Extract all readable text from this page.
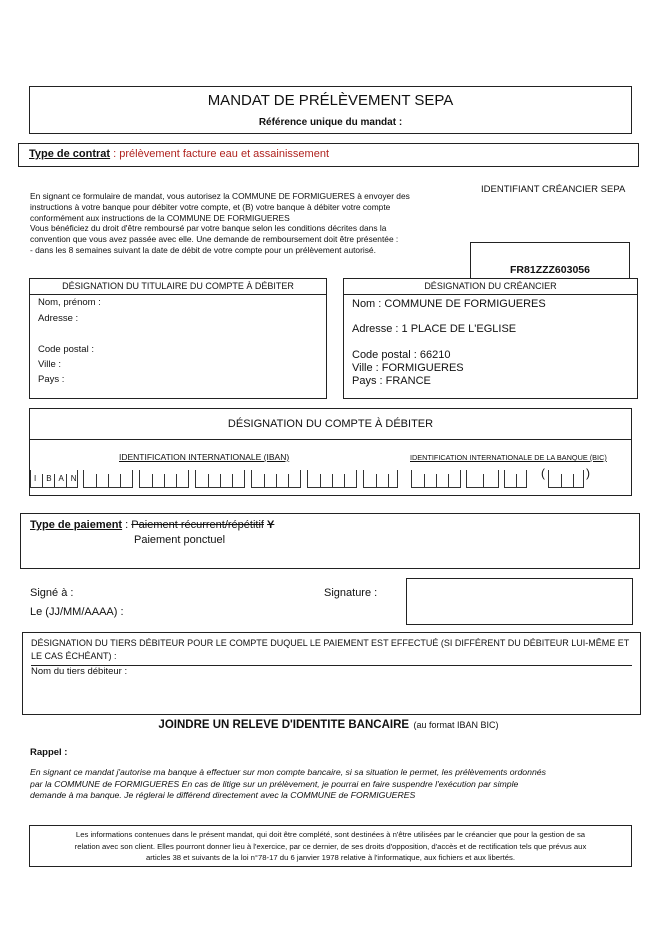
MANDAT DE PRÉLÈVEMENT SEPA
Référence unique du mandat :
Type de contrat : prélèvement facture eau et assainissement
En signant ce formulaire de mandat, vous autorisez la COMMUNE DE FORMIGUERES à envoyer des
instructions à votre banque pour débiter votre compte, et (B) votre banque à débiter votre compte
conformément aux instructions de la COMMUNE DE FORMIGUERES
Vous bénéficiez du droit d'être remboursé par votre banque selon les conditions décrites dans la
convention que vous avez passée avec elle. Une demande de remboursement doit être présentée :
- dans les 8 semaines suivant la date de débit de votre compte pour un prélèvement autorisé.
IDENTIFIANT CRÉANCIER SEPA
FR81ZZZ603056
DÉSIGNATION DU TITULAIRE DU COMPTE À DÉBITER
Nom, prénom :
Adresse :
Code postal :
Ville :
Pays :
DÉSIGNATION DU CRÉANCIER
Nom : COMMUNE DE FORMIGUERES
Adresse : 1 PLACE DE L'EGLISE
Code postal : 66210
Ville : FORMIGUERES
Pays : FRANCE
DÉSIGNATION DU COMPTE À DÉBITER
IDENTIFICATION INTERNATIONALE (IBAN)	IDENTIFICATION INTERNATIONALE DE LA BANQUE (BIC)
I B A N	(	)
Type de paiement : Paiement récurrent/répétitif Y
Paiement ponctuel
Signé à :
Le (JJ/MM/AAAA) :
Signature :
DÉSIGNATION DU TIERS DÉBITEUR POUR LE COMPTE DUQUEL LE PAIEMENT EST EFFECTUÉ (SI DIFFÉRENT DU DÉBITEUR LUI-MÊME ET LE CAS ÉCHÉANT) :
Nom du tiers débiteur :
JOINDRE UN RELEVE D'IDENTITE BANCAIRE (au format IBAN BIC)
Rappel :
En signant ce mandat j'autorise ma banque à effectuer sur mon compte bancaire, si sa situation le permet, les prélèvements ordonnés
par la COMMUNE de FORMIGUERES En cas de litige sur un prélèvement, je pourrai en faire suspendre l'exécution par simple
demande à ma banque. Je réglerai le différend directement avec la COMMUNE de FORMIGUERES
Les informations contenues dans le présent mandat, qui doit être complété, sont destinées à n'être utilisées par le créancier que pour la gestion de sa
relation avec son client. Elles pourront donner lieu à l'exercice, par ce dernier, de ses droits d'opposition, d'accès et de rectification tels que prévus aux
articles 38 et suivants de la loi n°78-17 du 6 janvier 1978 relative à l'informatique, aux fichiers et aux libertés.
